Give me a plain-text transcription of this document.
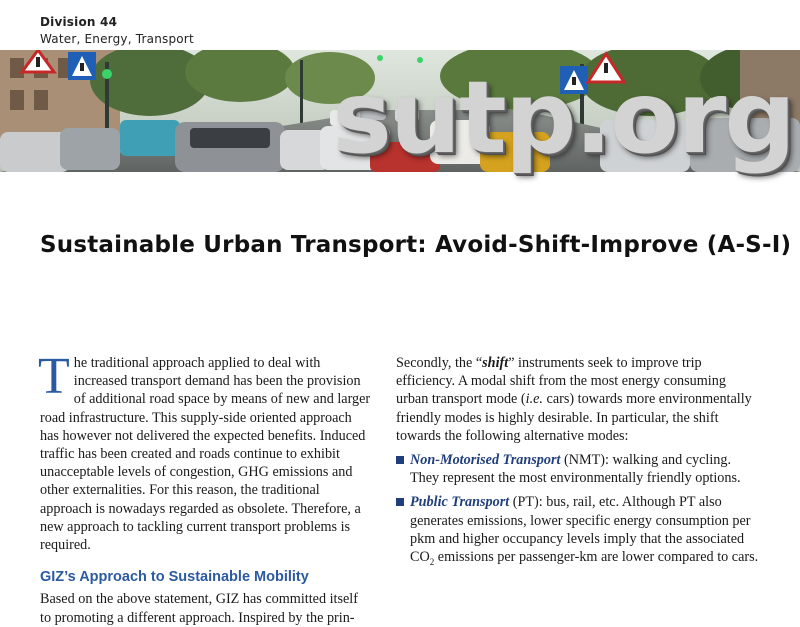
Division 44
Water, Energy, Transport
sutp.org
Sustainable Urban Transport: Avoid-Shift-Improve (A-S-I)

The traditional approach applied to deal with increased transport demand has been the provision of additional road space by means of new and larger road infrastructure. This supply-side oriented approach has however not delivered the expected benefits. Induced traffic has been created and roads continue to exhibit unacceptable levels of congestion, GHG emissions and other externalities. For this reason, the traditional approach is nowadays regarded as obsolete. Therefore, a new approach to tackling current transport problems is required.

GIZ’s Approach to Sustainable Mobility

Based on the above statement, GIZ has committed itself to promoting a different approach. Inspired by the prin-

Secondly, the “shift” instruments seek to improve trip efficiency. A modal shift from the most energy consuming urban transport mode (i.e. cars) towards more environmentally friendly modes is highly desirable. In particular, the shift towards the following alternative modes:

Non-Motorised Transport (NMT): walking and cycling. They represent the most environmentally friendly options.
Public Transport (PT): bus, rail, etc. Although PT also generates emissions, lower specific energy consumption per pkm and higher occupancy levels imply that the associated $CO_2$ emissions per passenger-km are lower compared to cars.
